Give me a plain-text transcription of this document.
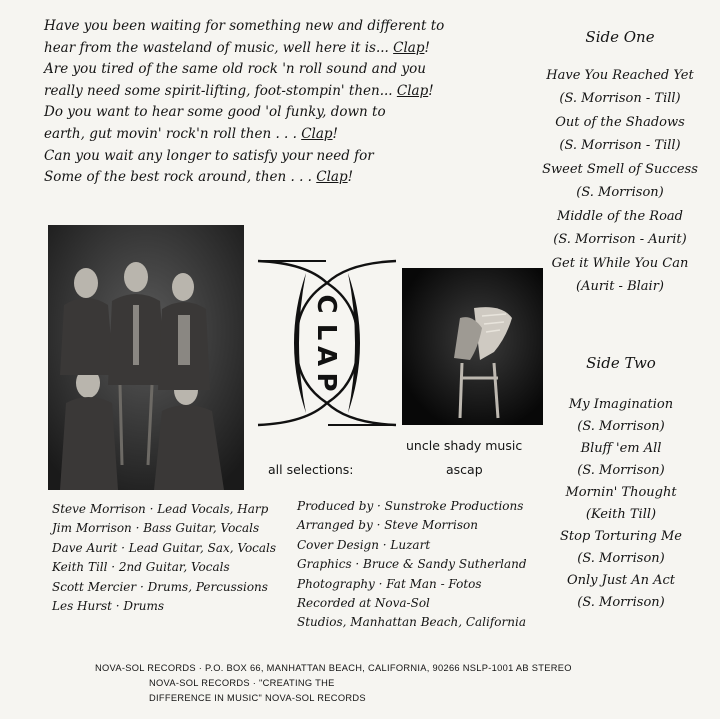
Have you been waiting for something new and different to
hear from the wasteland of music, well here it is... Clap!
Are you tired of the same old rock 'n roll sound and you
really need some spirit-lifting, foot-stompin' then... Clap!
Do you want to hear some good 'ol funky, down to
earth, gut movin' rock'n roll then . . . Clap!
Can you wait any longer to satisfy your need for
Some of the best rock around, then . . . Clap!
Side One
Have You Reached Yet
(S. Morrison - Till)
Out of the Shadows
(S. Morrison - Till)
Sweet Smell of Success
(S. Morrison)
Middle of the Road
(S. Morrison - Aurit)
Get it While You Can
(Aurit - Blair)
Side Two
My Imagination
(S. Morrison)
Bluff 'em All
(S. Morrison)
Mornin' Thought
(Keith Till)
Stop Torturing Me
(S. Morrison)
Only Just An Act
(S. Morrison)
C
L
A
P
all selections:
uncle shady music
ascap
Steve Morrison · Lead Vocals, Harp
Jim Morrison · Bass Guitar, Vocals
Dave Aurit · Lead Guitar, Sax, Vocals
Keith Till · 2nd Guitar, Vocals
Scott Mercier · Drums, Percussions
Les Hurst · Drums
Produced by · Sunstroke Productions
Arranged by · Steve Morrison
Cover Design · Luzart
Graphics · Bruce & Sandy Sutherland
Photography · Fat Man - Fotos
Recorded at Nova-Sol
Studios, Manhattan Beach, California
NOVA-SOL RECORDS · P.O. BOX 66, MANHATTAN BEACH, CALIFORNIA, 90266 NSLP-1001 AB STEREO
NOVA-SOL RECORDS · "CREATING THE
DIFFERENCE IN MUSIC" NOVA-SOL RECORDS
